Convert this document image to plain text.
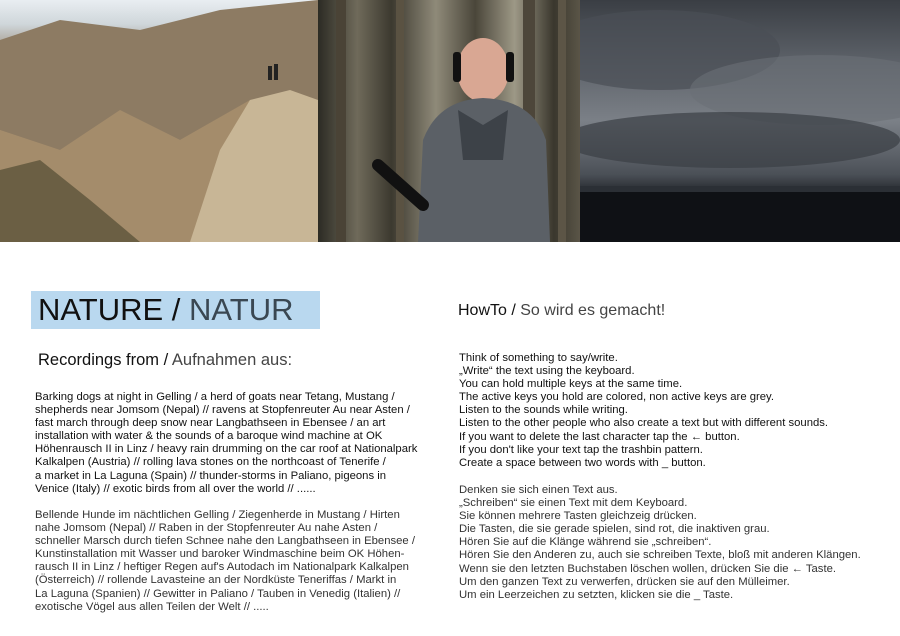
NATURE / NATUR	HowTo / So wird es gemacht!
Recordings from / Aufnahmen aus:
Barking dogs at night in Gelling / a herd of goats near Tetang, Mustang /
shepherds near Jomsom (Nepal) // ravens at Stopfenreuter Au near Asten /
fast march through deep snow near Langbathseen in Ebensee / an art
installation with water & the sounds of a baroque wind machine at OK
Höhenrausch II in Linz / heavy rain drumming on the car roof at Nationalpark
Kalkalpen (Austria) // rolling lava stones on the northcoast of Tenerife /
a market in La Laguna (Spain) // thunder-storms in Paliano, pigeons in
Venice (Italy) // exotic birds from all over the world // ......
Bellende Hunde im nächtlichen Gelling / Ziegenherde in Mustang / Hirten
nahe Jomsom (Nepal) // Raben in der Stopfenreuter Au nahe Asten /
schneller Marsch durch tiefen Schnee nahe den Langbathseen in Ebensee /
Kunstinstallation mit Wasser und baroker Windmaschine beim OK Höhen-
rausch II in Linz / heftiger Regen auf's Autodach im Nationalpark Kalkalpen
(Österreich) // rollende Lavasteine an der Nordküste Teneriffas / Markt in
La Laguna (Spanien) // Gewitter in Paliano / Tauben in Venedig (Italien) //
exotische Vögel aus allen Teilen der Welt // .....
Think of something to say/write.
„Write“ the text using the keyboard.
You can hold multiple keys at the same time.
The active keys you hold are colored, non active keys are grey.
Listen to the sounds while writing.
Listen to the other people who also create a text but with different sounds.
If you want to delete the last character tap the ← button.
If you don't like your text tap the trashbin pattern.
Create a space between two words with _ button.
Denken sie sich einen Text aus.
„Schreiben“ sie einen Text mit dem Keyboard.
Sie können mehrere Tasten gleichzeig drücken.
Die Tasten, die sie gerade spielen, sind rot, die inaktiven grau.
Hören Sie auf die Klänge während sie „schreiben“.
Hören Sie den Anderen zu, auch sie schreiben Texte, bloß mit anderen Klängen.
Wenn sie den letzten Buchstaben löschen wollen, drücken Sie die ← Taste.
Um den ganzen Text zu verwerfen, drücken sie auf den Mülleimer.
Um ein Leerzeichen zu setzten, klicken sie die _ Taste.
